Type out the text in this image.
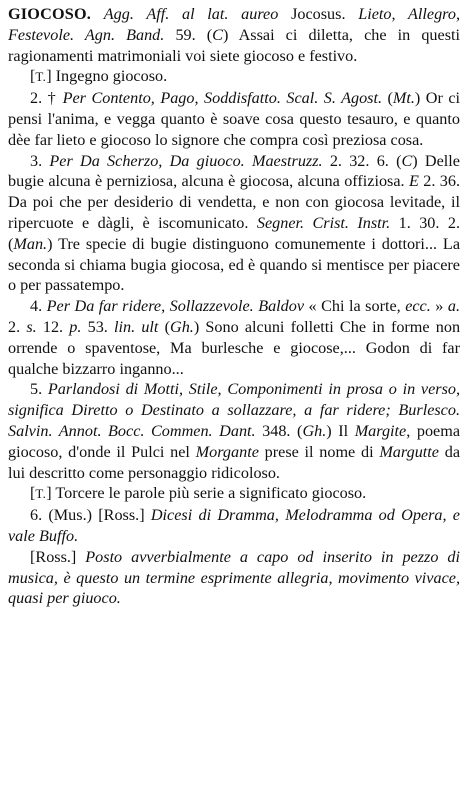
GIOCOSO. Agg. Aff. al lat. aureo Jocosus. Lieto, Allegro, Festevole. Agn. Band. 59. (C) Assai ci diletta, che in questi ragionamenti matrimoniali voi siete giocoso e festivo.

[T.] Ingegno giocoso.

2. † Per Contento, Pago, Soddisfatto. Scal. S. Agost. (Mt.) Or ci pensi l'anima, e vegga quanto è soave cosa questo tesauro, e quanto dèe far lieto e giocoso lo signore che compra così preziosa cosa.

3. Per Da Scherzo, Da giuoco. Maestruzz. 2. 32. 6. (C) Delle bugie alcuna è perniziosa, alcuna è giocosa, alcuna offiziosa. E 2. 36. Da poi che per desiderio di vendetta, e non con giocosa levitade, il ripercuote e dàgli, è iscomunicato. Segner. Crist. Instr. 1. 30. 2. (Man.) Tre specie di bugie distinguono comunemente i dottori... La seconda si chiama bugia giocosa, ed è quando si mentisce per piacere o per passatempo.

4. Per Da far ridere, Sollazzevole. Baldov « Chi la sorte, ecc. » a. 2. s. 12. p. 53. lin. ult (Gh.) Sono alcuni folletti Che in forme non orrende o spaventose, Ma burlesche e giocose,... Godon di far qualche bizzarro inganno...

5. Parlandosi di Motti, Stile, Componimenti in prosa o in verso, significa Diretto o Destinato a sollazzare, a far ridere; Burlesco. Salvin. Annot. Bocc. Commen. Dant. 348. (Gh.) Il Margite, poema giocoso, d'onde il Pulci nel Morgante prese il nome di Margutte da lui descritto come personaggio ridicoloso.

[T.] Torcere le parole più serie a significato giocoso.

6. (Mus.) [Ross.] Dicesi di Dramma, Melodramma od Opera, e vale Buffo.

[Ross.] Posto avverbialmente a capo od inserito in pezzo di musica, è questo un termine esprimente allegria, movimento vivace, quasi per giuoco.
